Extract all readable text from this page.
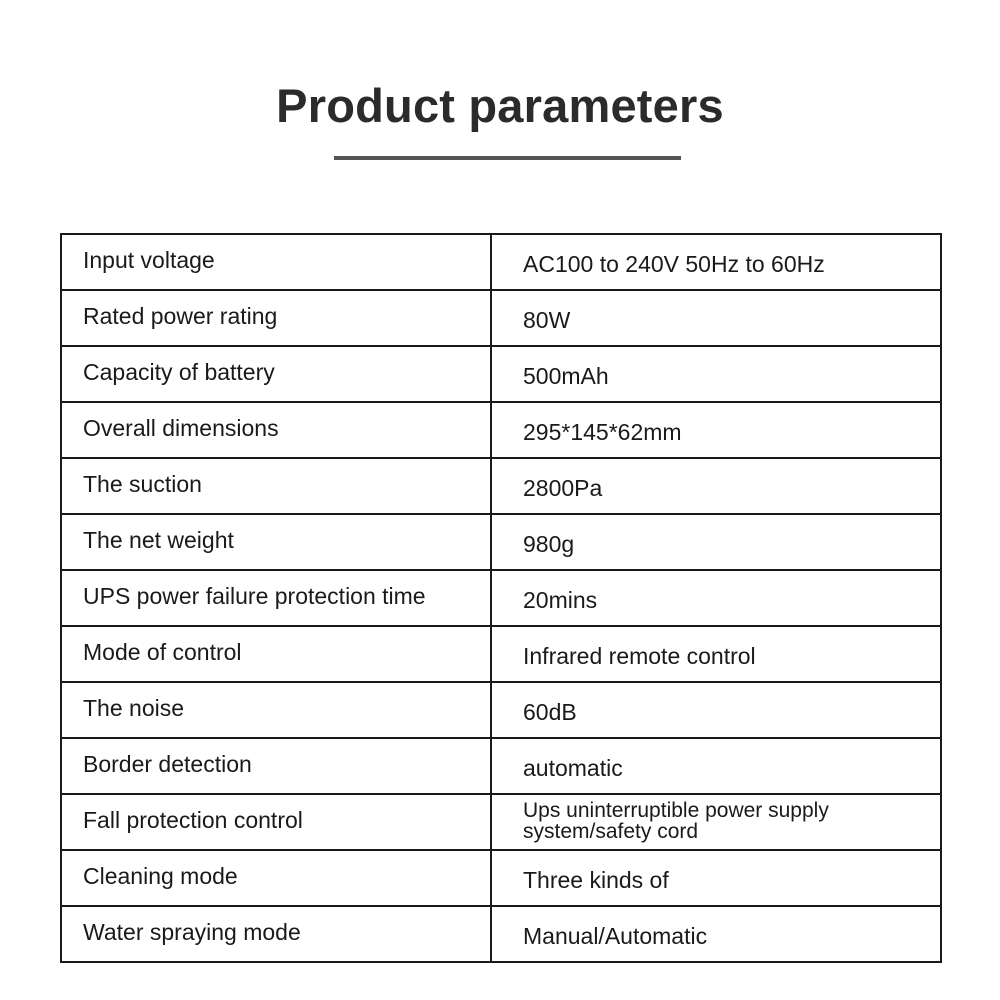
Product parameters
Input voltage	AC100 to 240V 50Hz to 60Hz
Rated power rating	80W
Capacity of battery	500mAh
Overall dimensions	295*145*62mm
The suction	2800Pa
The net weight	980g
UPS power failure protection time	20mins
Mode of control	Infrared remote control
The noise	60dB
Border detection	automatic
Fall protection control	Ups uninterruptible power supply
system/safety cord

Cleaning mode	Three kinds of
Water spraying mode	Manual/Automatic
